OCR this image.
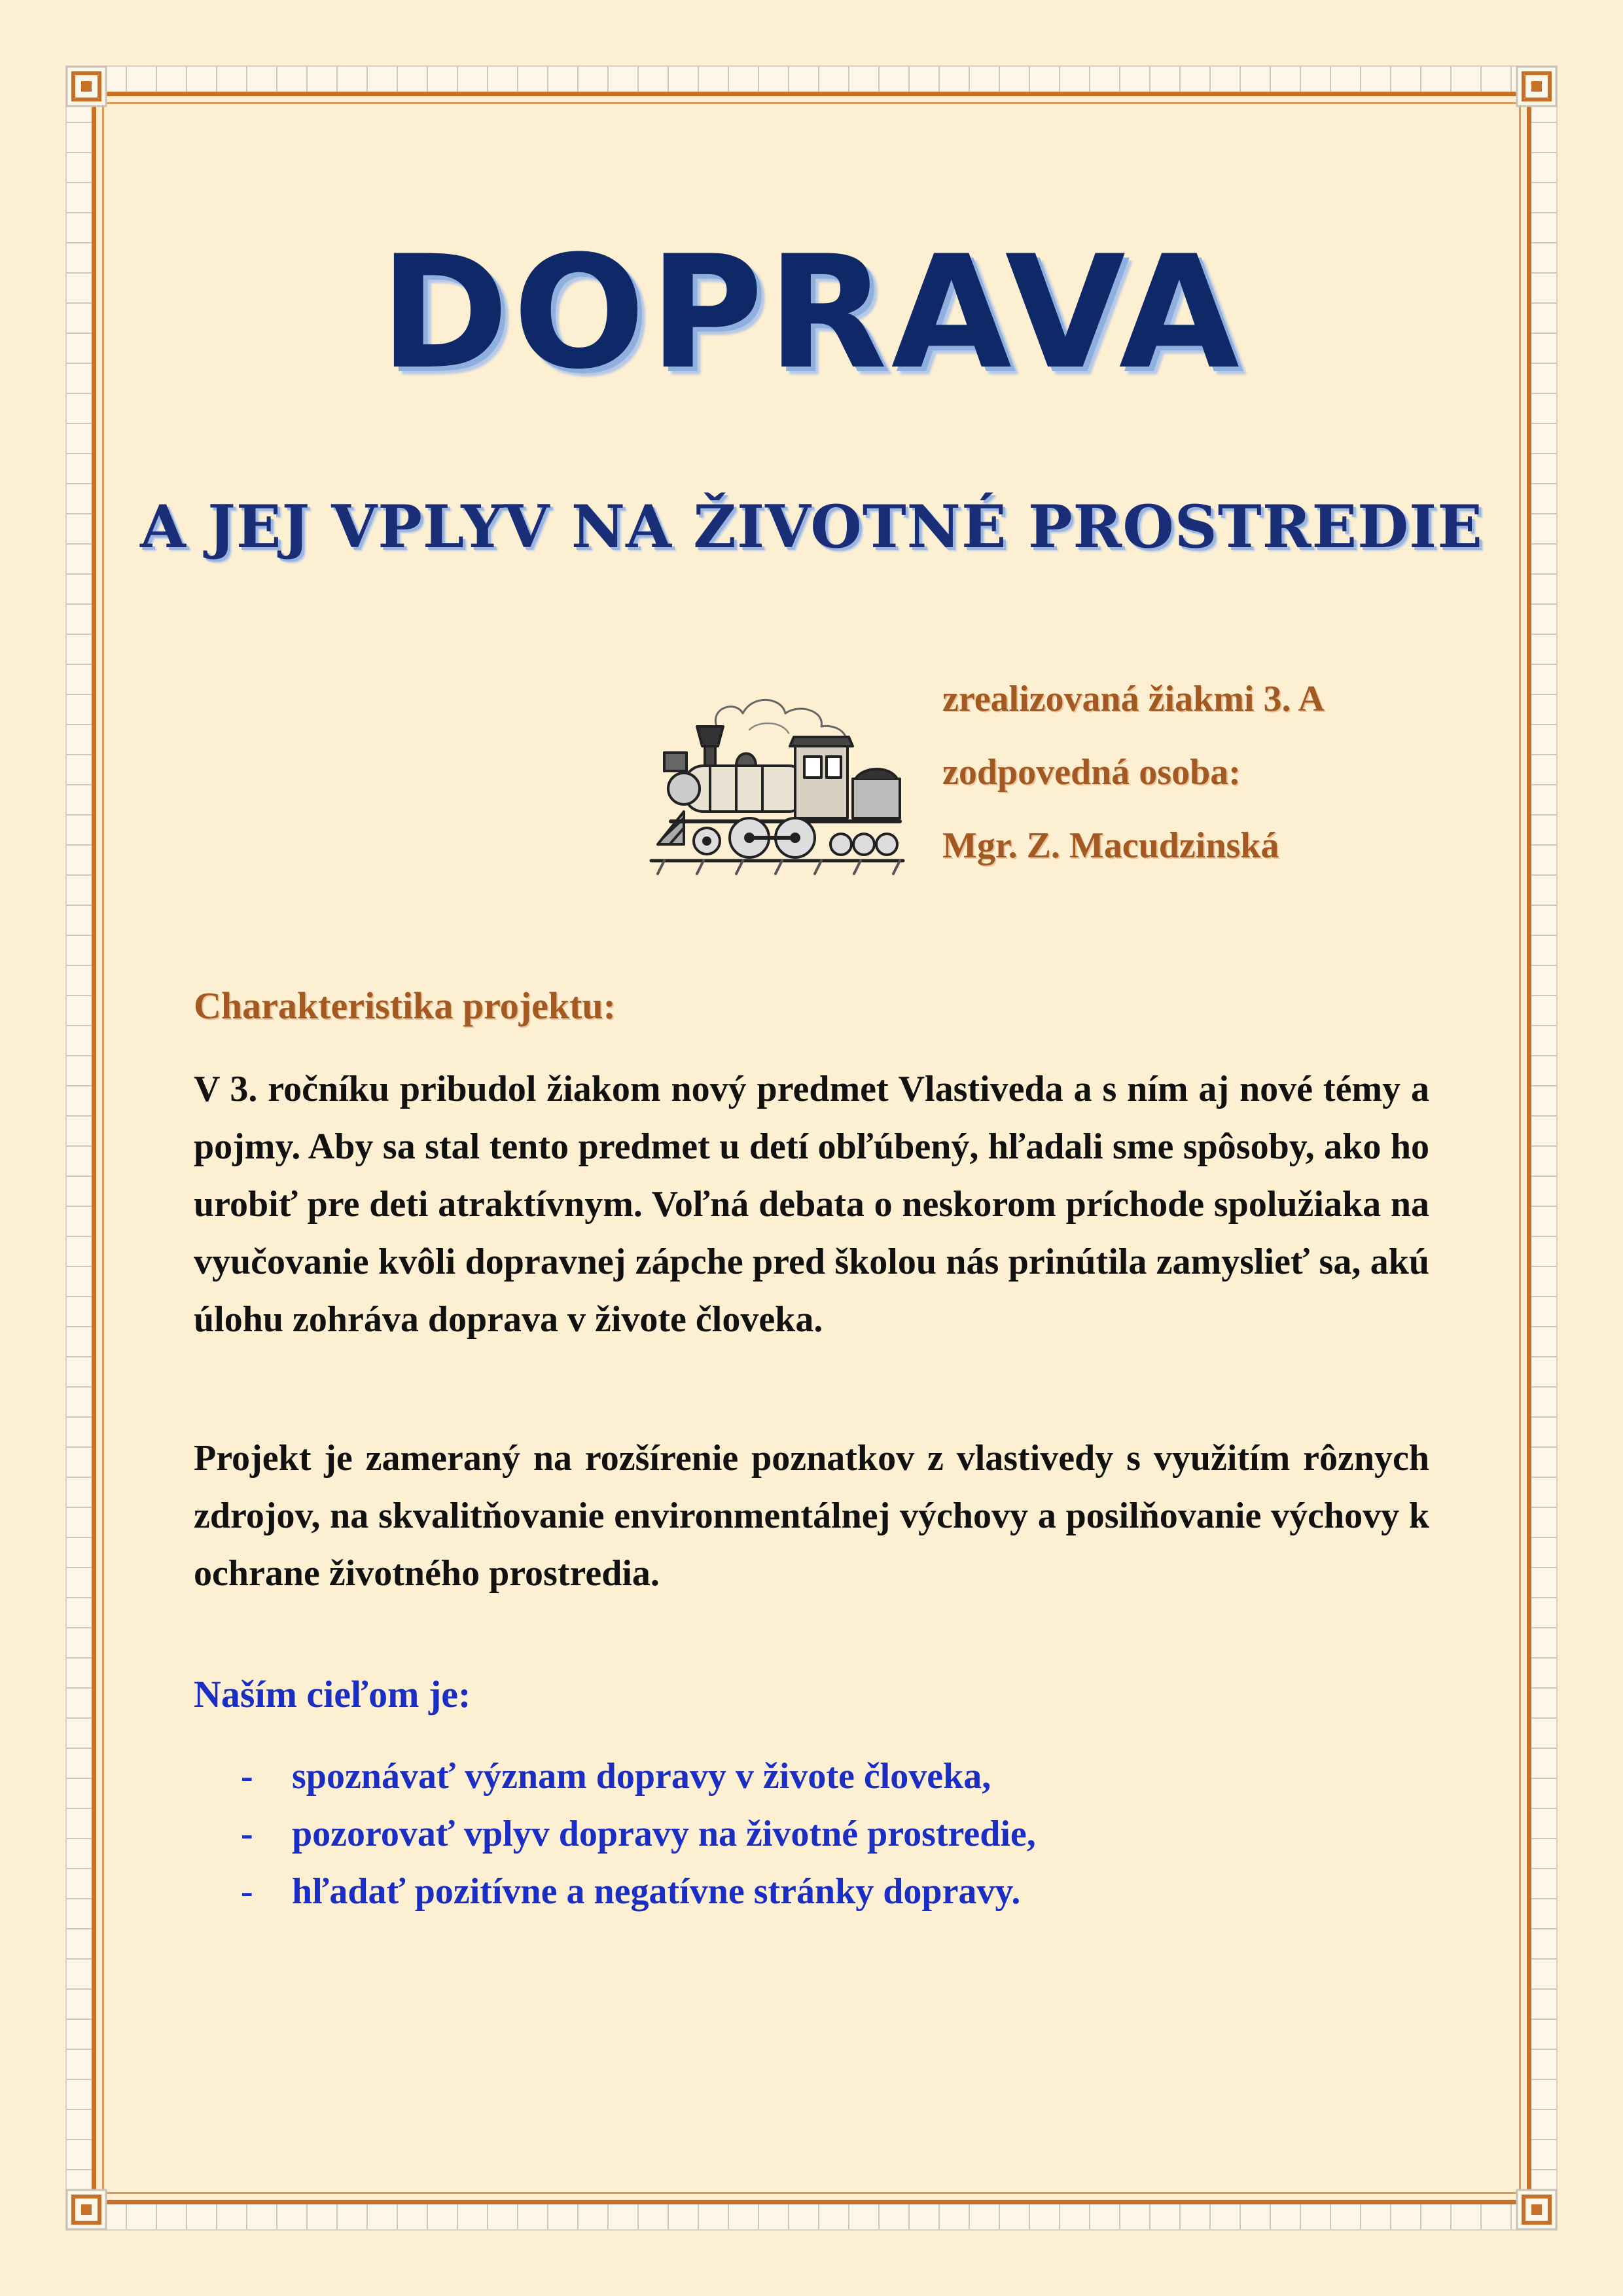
DOPRAVA
A JEJ VPLYV NA ŽIVOTNÉ PROSTREDIE
zrealizovaná žiakmi 3. A
zodpovedná osoba:
Mgr. Z. Macudzinská
Charakteristika projektu:

V 3. ročníku pribudol žiakom nový predmet Vlastiveda a s ním aj nové témy a pojmy. Aby sa stal tento predmet u detí obľúbený, hľadali sme spôsoby, ako ho urobiť pre deti atraktívnym. Voľná debata o neskorom príchode spolužiaka na vyučovanie kvôli dopravnej zápche pred školou nás prinútila zamyslieť sa, akú úlohu zohráva doprava v živote človeka.

Projekt je zameraný na rozšírenie poznatkov z vlastivedy s využitím rôznych zdrojov, na skvalitňovanie environmentálnej výchovy a posilňovanie výchovy k ochrane životného prostredia.

Naším cieľom je:
-	spoznávať význam dopravy v živote človeka,
-	pozorovať vplyv dopravy na životné prostredie,
-	hľadať pozitívne a negatívne stránky dopravy.
